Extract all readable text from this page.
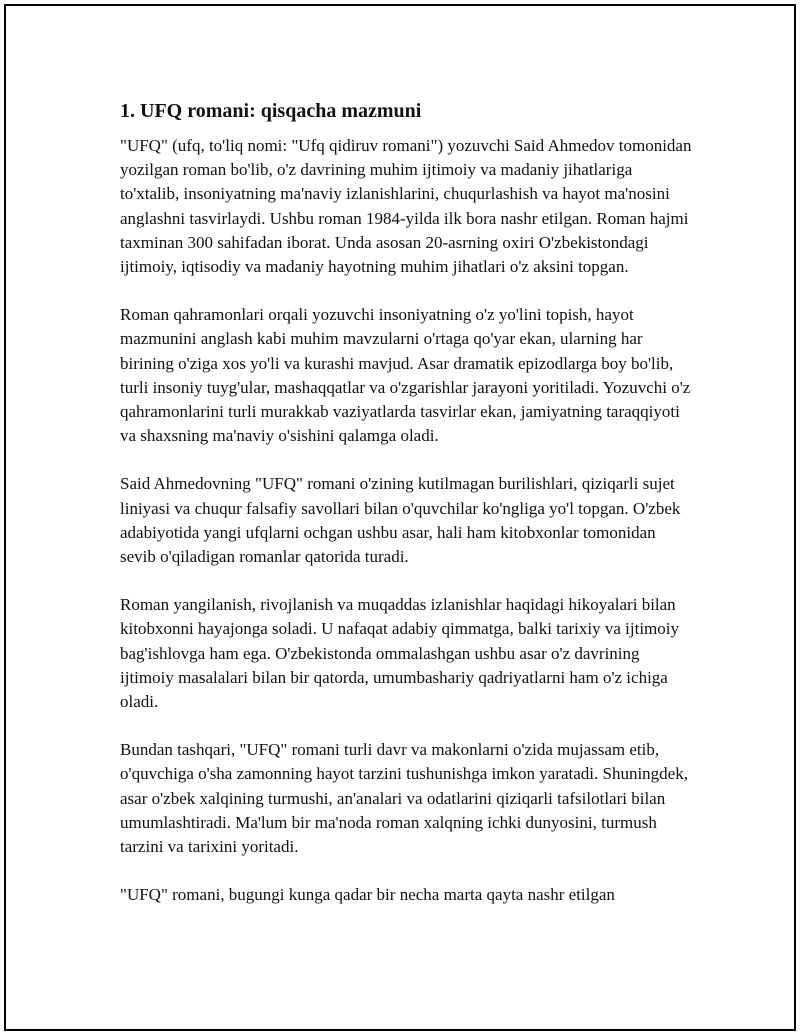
1. UFQ romani: qisqacha mazmuni

"UFQ" (ufq, to'liq nomi: "Ufq qidiruv romani") yozuvchi Said Ahmedov tomonidan yozilgan roman bo'lib, o'z davrining muhim ijtimoiy va madaniy jihatlariga to'xtalib, insoniyatning ma'naviy izlanishlarini, chuqurlashish va hayot ma'nosini anglashni tasvirlaydi. Ushbu roman 1984-yilda ilk bora nashr etilgan. Roman hajmi taxminan 300 sahifadan iborat. Unda asosan 20-asrning oxiri O'zbekistondagi ijtimoiy, iqtisodiy va madaniy hayotning muhim jihatlari o'z aksini topgan.

Roman qahramonlari orqali yozuvchi insoniyatning o'z yo'lini topish, hayot mazmunini anglash kabi muhim mavzularni o'rtaga qo'yar ekan, ularning har birining o'ziga xos yo'li va kurashi mavjud. Asar dramatik epizodlarga boy bo'lib, turli insoniy tuyg'ular, mashaqqatlar va o'zgarishlar jarayoni yoritiladi. Yozuvchi o'z qahramonlarini turli murakkab vaziyatlarda tasvirlar ekan, jamiyatning taraqqiyoti va shaxsning ma'naviy o'sishini qalamga oladi.

Said Ahmedovning "UFQ" romani o'zining kutilmagan burilishlari, qiziqarli sujet liniyasi va chuqur falsafiy savollari bilan o'quvchilar ko'ngliga yo'l topgan. O'zbek adabiyotida yangi ufqlarni ochgan ushbu asar, hali ham kitobxonlar tomonidan sevib o'qiladigan romanlar qatorida turadi.

Roman yangilanish, rivojlanish va muqaddas izlanishlar haqidagi hikoyalari bilan kitobxonni hayajonga soladi. U nafaqat adabiy qimmatga, balki tarixiy va ijtimoiy bag'ishlovga ham ega. O'zbekistonda ommalashgan ushbu asar o'z davrining ijtimoiy masalalari bilan bir qatorda, umumbashariy qadriyatlarni ham o'z ichiga oladi.

Bundan tashqari, "UFQ" romani turli davr va makonlarni o'zida mujassam etib, o'quvchiga o'sha zamonning hayot tarzini tushunishga imkon yaratadi. Shuningdek, asar o'zbek xalqining turmushi, an'analari va odatlarini qiziqarli tafsilotlari bilan umumlashtiradi. Ma'lum bir ma'noda roman xalqning ichki dunyosini, turmush tarzini va tarixini yoritadi.

"UFQ" romani, bugungi kunga qadar bir necha marta qayta nashr etilgan
